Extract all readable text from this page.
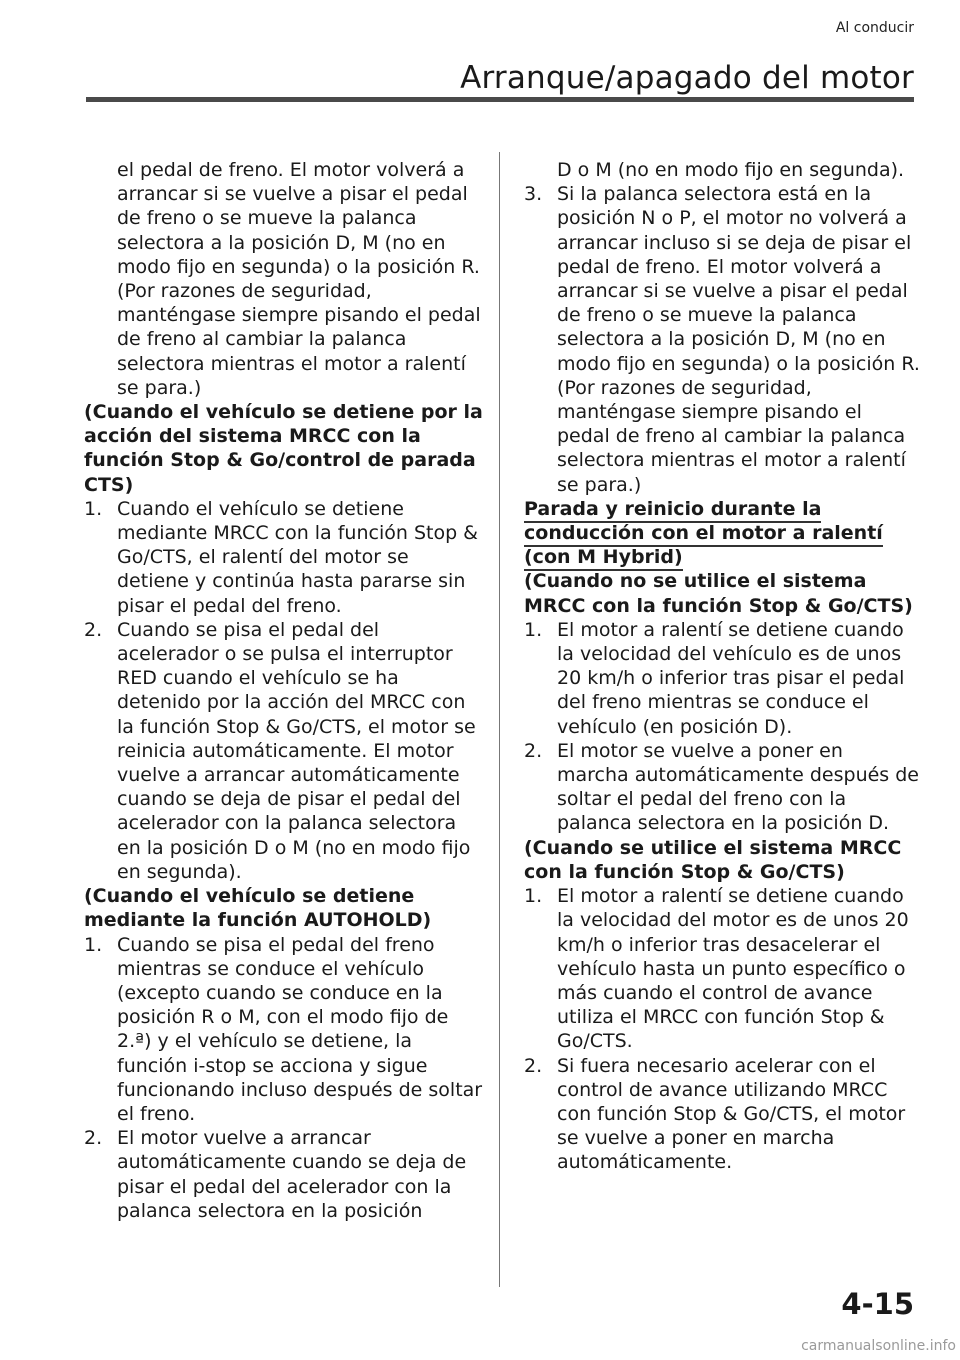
Al conducir
Arranque/apagado del motor

el pedal de freno. El motor volverá a arrancar si se vuelve a pisar el pedal de freno o se mueve la palanca selectora a la posición D, M (no en modo fijo en segunda) o la posición R. (Por razones de seguridad, manténgase siempre pisando el pedal de freno al cambiar la palanca selectora mientras el motor a ralentí se para.)

(Cuando el vehículo se detiene por la acción del sistema MRCC con la función Stop & Go/control de parada CTS)

1. Cuando el vehículo se detiene mediante MRCC con la función Stop & Go/CTS, el ralentí del motor se detiene y continúa hasta pararse sin pisar el pedal del freno.
2. Cuando se pisa el pedal del acelerador o se pulsa el interruptor RED cuando el vehículo se ha detenido por la acción del MRCC con la función Stop & Go/CTS, el motor se reinicia automáticamente. El motor vuelve a arrancar automáticamente cuando se deja de pisar el pedal del acelerador con la palanca selectora en la posición D o M (no en modo fijo en segunda).

(Cuando el vehículo se detiene mediante la función AUTOHOLD)

1. Cuando se pisa el pedal del freno mientras se conduce el vehículo (excepto cuando se conduce en la posición R o M, con el modo fijo de 2.ª) y el vehículo se detiene, la función i-stop se acciona y sigue funcionando incluso después de soltar el freno.
2. El motor vuelve a arrancar automáticamente cuando se deja de pisar el pedal del acelerador con la palanca selectora en la posición

D o M (no en modo fijo en segunda).

3. Si la palanca selectora está en la posición N o P, el motor no volverá a arrancar incluso si se deja de pisar el pedal de freno. El motor volverá a arrancar si se vuelve a pisar el pedal de freno o se mueve la palanca selectora a la posición D, M (no en modo fijo en segunda) o la posición R. (Por razones de seguridad, manténgase siempre pisando el pedal de freno al cambiar la palanca selectora mientras el motor a ralentí se para.)

Parada y reinicio durante la
conducción con el motor a ralentí
(con M Hybrid)

(Cuando no se utilice el sistema MRCC con la función Stop & Go/CTS)

1. El motor a ralentí se detiene cuando la velocidad del vehículo es de unos 20 km/h o inferior tras pisar el pedal del freno mientras se conduce el vehículo (en posición D).
2. El motor se vuelve a poner en marcha automáticamente después de soltar el pedal del freno con la palanca selectora en la posición D.

(Cuando se utilice el sistema MRCC con la función Stop & Go/CTS)

1. El motor a ralentí se detiene cuando la velocidad del motor es de unos 20 km/h o inferior tras desacelerar el vehículo hasta un punto específico o más cuando el control de avance utiliza el MRCC con función Stop & Go/CTS.
2. Si fuera necesario acelerar con el control de avance utilizando MRCC con función Stop & Go/CTS, el motor se vuelve a poner en marcha automáticamente.
4-15
carmanualsonline.info
